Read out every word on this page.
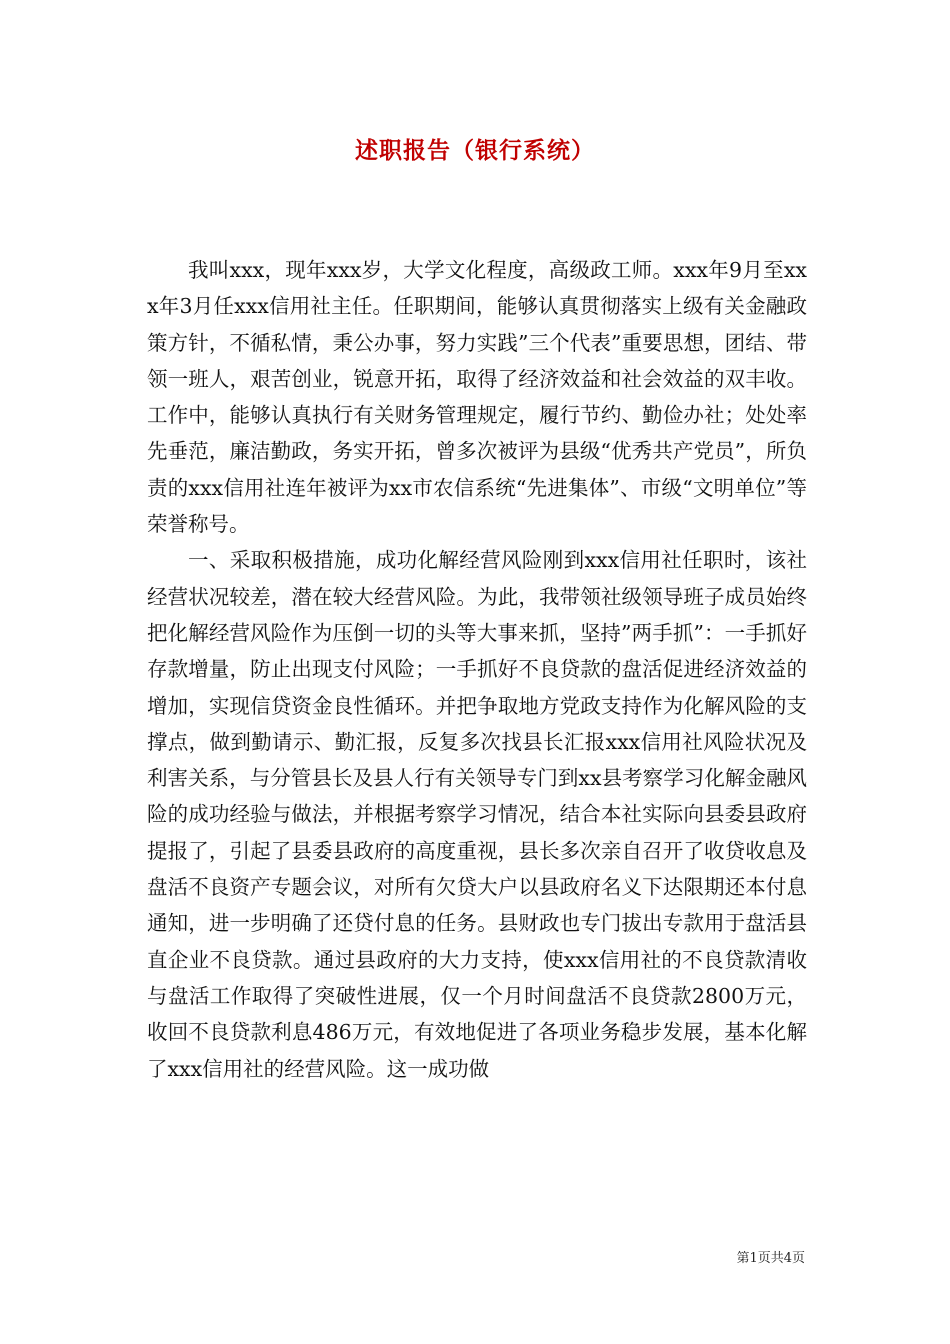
述职报告（银行系统）

我叫xxx，现年xxx岁，大学文化程度，高级政工师。xxx年9月至xxx年3月任xxx信用社主任。任职期间，能够认真贯彻落实上级有关金融政策方针，不循私情，秉公办事，努力实践”三个代表”重要思想，团结、带领一班人，艰苦创业，锐意开拓，取得了经济效益和社会效益的双丰收。工作中，能够认真执行有关财务管理规定，履行节约、勤俭办社；处处率先垂范，廉洁勤政，务实开拓，曾多次被评为县级“优秀共产党员”，所负责的xxx信用社连年被评为xx市农信系统“先进集体”、市级“文明单位”等荣誉称号。

一、采取积极措施，成功化解经营风险刚到xxx信用社任职时，该社经营状况较差，潜在较大经营风险。为此，我带领社级领导班子成员始终把化解经营风险作为压倒一切的头等大事来抓，坚持”两手抓”：一手抓好存款增量，防止出现支付风险；一手抓好不良贷款的盘活促进经济效益的增加，实现信贷资金良性循环。并把争取地方党政支持作为化解风险的支撑点，做到勤请示、勤汇报，反复多次找县长汇报xxx信用社风险状况及利害关系，与分管县长及县人行有关领导专门到xx县考察学习化解金融风险的成功经验与做法，并根据考察学习情况，结合本社实际向县委县政府提报了，引起了县委县政府的高度重视，县长多次亲自召开了收贷收息及盘活不良资产专题会议，对所有欠贷大户以县政府名义下达限期还本付息通知，进一步明确了还贷付息的任务。县财政也专门拔出专款用于盘活县直企业不良贷款。通过县政府的大力支持，使xxx信用社的不良贷款清收与盘活工作取得了突破性进展，仅一个月时间盘活不良贷款2800万元，收回不良贷款利息486万元，有效地促进了各项业务稳步发展，基本化解了xxx信用社的经营风险。这一成功做

第1页共4页
